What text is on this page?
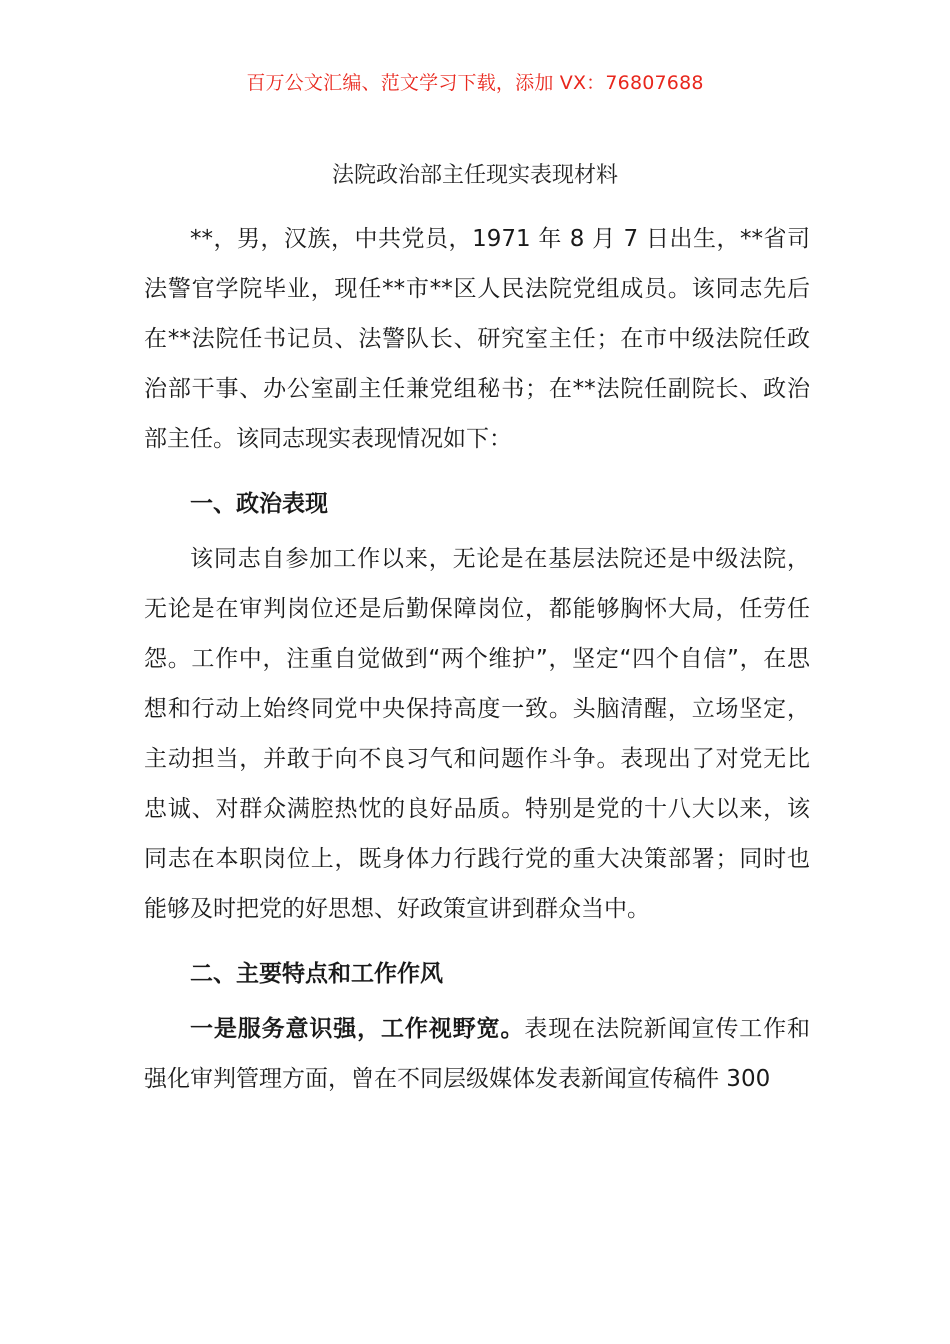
百万公文汇编、范文学习下载，添加 VX：76807688
法院政治部主任现实表现材料

**，男，汉族，中共党员，1971 年 8 月 7 日出生，**省司法警官学院毕业，现任**市**区人民法院党组成员。该同志先后在**法院任书记员、法警队长、研究室主任；在市中级法院任政治部干事、办公室副主任兼党组秘书；在**法院任副院长、政治部主任。该同志现实表现情况如下：

一、政治表现

该同志自参加工作以来，无论是在基层法院还是中级法院，无论是在审判岗位还是后勤保障岗位，都能够胸怀大局，任劳任怨。工作中，注重自觉做到“两个维护”，坚定“四个自信”，在思想和行动上始终同党中央保持高度一致。头脑清醒，立场坚定，主动担当，并敢于向不良习气和问题作斗争。表现出了对党无比忠诚、对群众满腔热忱的良好品质。特别是党的十八大以来，该同志在本职岗位上，既身体力行践行党的重大决策部署；同时也能够及时把党的好思想、好政策宣讲到群众当中。

二、主要特点和工作作风

一是服务意识强，工作视野宽。表现在法院新闻宣传工作和强化审判管理方面，曾在不同层级媒体发表新闻宣传稿件 300
